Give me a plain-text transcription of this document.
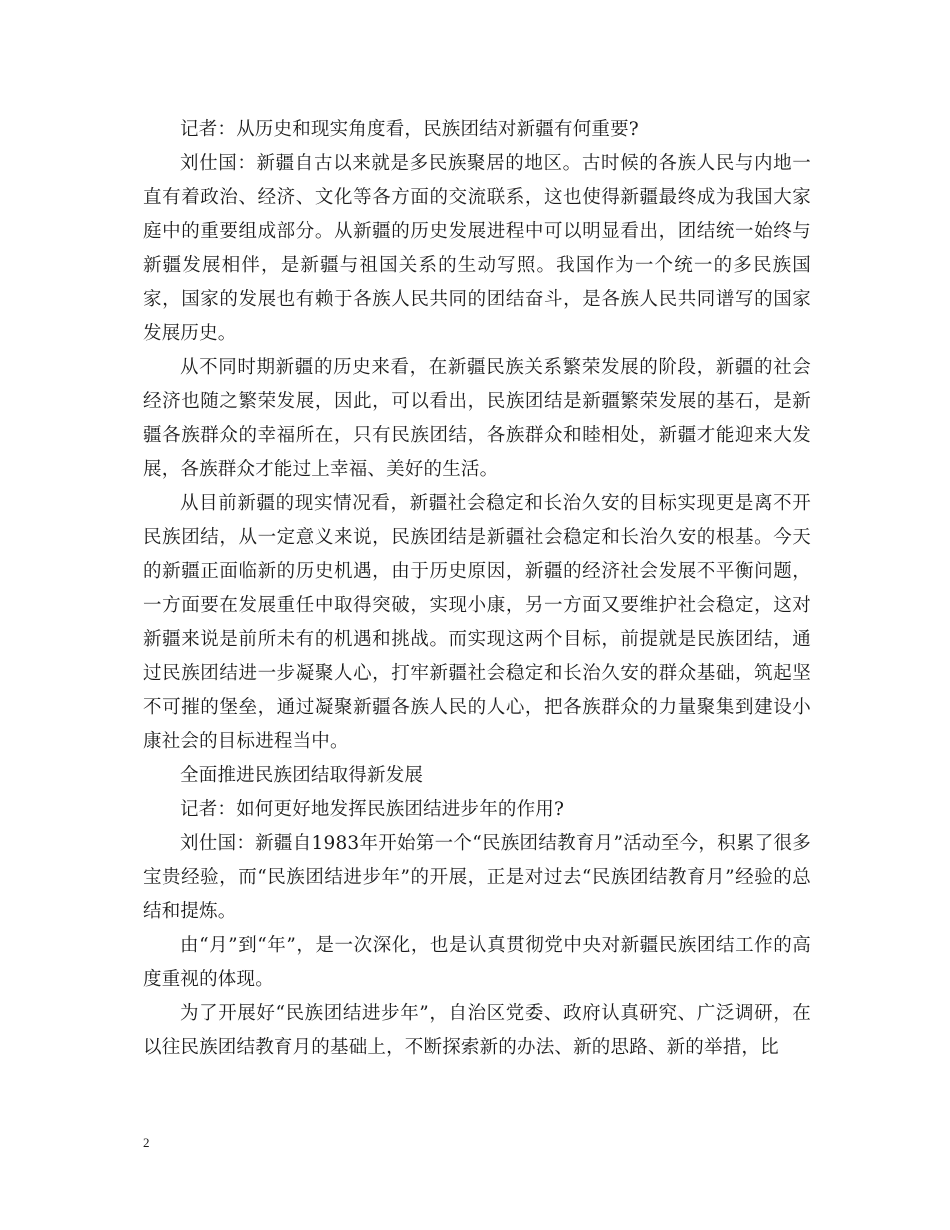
记者：从历史和现实角度看，民族团结对新疆有何重要?

刘仕国：新疆自古以来就是多民族聚居的地区。古时候的各族人民与内地一直有着政治、经济、文化等各方面的交流联系，这也使得新疆最终成为我国大家庭中的重要组成部分。从新疆的历史发展进程中可以明显看出，团结统一始终与新疆发展相伴，是新疆与祖国关系的生动写照。我国作为一个统一的多民族国家，国家的发展也有赖于各族人民共同的团结奋斗，是各族人民共同谱写的国家发展历史。

从不同时期新疆的历史来看，在新疆民族关系繁荣发展的阶段，新疆的社会经济也随之繁荣发展，因此，可以看出，民族团结是新疆繁荣发展的基石，是新疆各族群众的幸福所在，只有民族团结，各族群众和睦相处，新疆才能迎来大发展，各族群众才能过上幸福、美好的生活。

从目前新疆的现实情况看，新疆社会稳定和长治久安的目标实现更是离不开民族团结，从一定意义来说，民族团结是新疆社会稳定和长治久安的根基。今天的新疆正面临新的历史机遇，由于历史原因，新疆的经济社会发展不平衡问题，一方面要在发展重任中取得突破，实现小康，另一方面又要维护社会稳定，这对新疆来说是前所未有的机遇和挑战。而实现这两个目标，前提就是民族团结，通过民族团结进一步凝聚人心，打牢新疆社会稳定和长治久安的群众基础，筑起坚不可摧的堡垒，通过凝聚新疆各族人民的人心，把各族群众的力量聚集到建设小康社会的目标进程当中。

全面推进民族团结取得新发展

记者：如何更好地发挥民族团结进步年的作用?

刘仕国：新疆自1983年开始第一个“民族团结教育月”活动至今，积累了很多宝贵经验，而“民族团结进步年”的开展，正是对过去“民族团结教育月”经验的总结和提炼。

由“月”到“年”，是一次深化，也是认真贯彻党中央对新疆民族团结工作的高度重视的体现。

为了开展好“民族团结进步年”，自治区党委、政府认真研究、广泛调研，在以往民族团结教育月的基础上，不断探索新的办法、新的思路、新的举措，比

2
